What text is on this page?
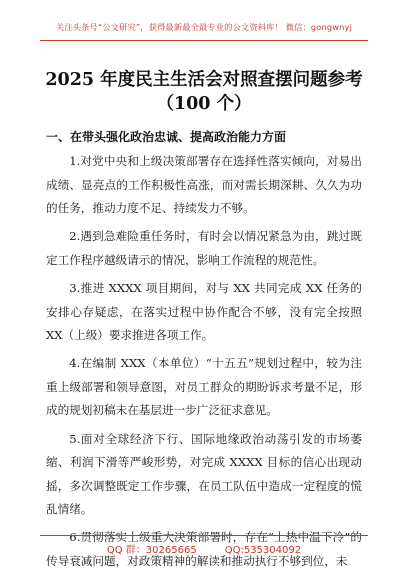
关注头条号“公文研究”，获得最新最全最专业的公文资料库！ 微信：gongwnyj
2025 年度民主生活会对照查摆问题参考
（100 个）
一、在带头强化政治忠诚、提高政治能力方面

1.对党中央和上级决策部署存在选择性落实倾向，对易出成绩、显亮点的工作积极性高涨，而对需长期深耕、久久为功的任务，推动力度不足、持续发力不够。

2.遇到急难险重任务时，有时会以情况紧急为由，跳过既定工作程序越级请示的情况，影响工作流程的规范性。

3.推进 XXXX 项目期间，对与 XX 共同完成 XX 任务的安排心存疑虑，在落实过程中协作配合不够，没有完全按照 XX（上级）要求推进各项工作。

4.在编制 XXX（本单位）“十五五”规划过程中，较为注重上级部署和领导意图，对员工群众的期盼诉求考量不足，形成的规划初稿未在基层进一步广泛征求意见。

5.面对全球经济下行、国际地缘政治动荡引发的市场萎缩、利润下滑等严峻形势，对完成 XXXX 目标的信心出现动摇，多次调整既定工作步骤，在员工队伍中造成一定程度的慌乱情绪。

6.贯彻落实上级重大决策部署时，存在“上热中温下冷”的传导衰减问题，对政策精神的解读和推动执行不够到位，未

QQ 群：30265665	QQ:535304092
